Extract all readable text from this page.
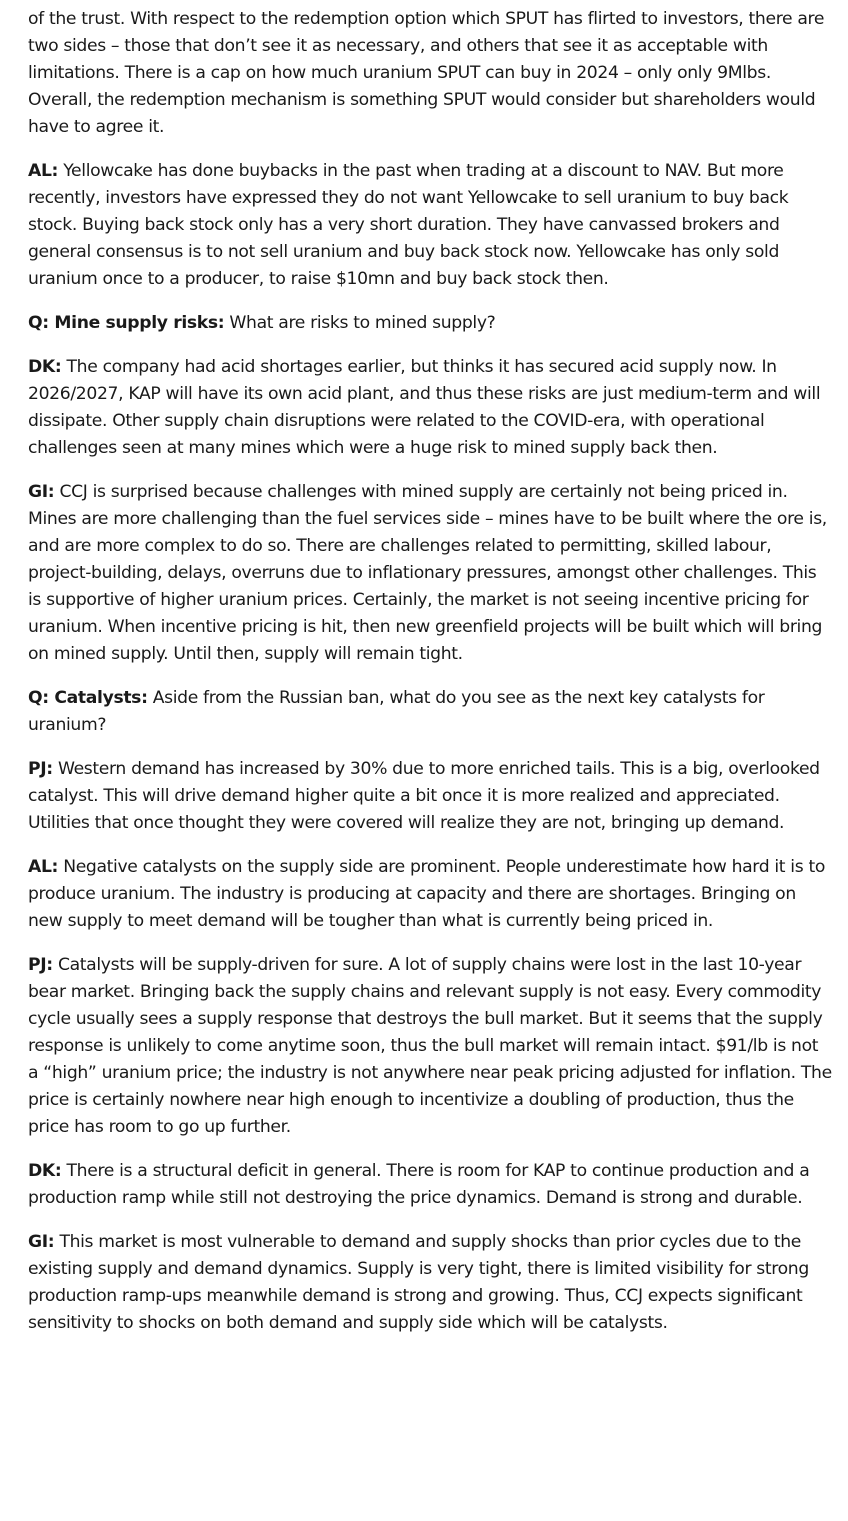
of the trust. With respect to the redemption option which SPUT has flirted to investors, there are two sides – those that don’t see it as necessary, and others that see it as acceptable with limitations. There is a cap on how much uranium SPUT can buy in 2024 – only only 9Mlbs. Overall, the redemption mechanism is something SPUT would consider but shareholders would have to agree it.

AL: Yellowcake has done buybacks in the past when trading at a discount to NAV. But more recently, investors have expressed they do not want Yellowcake to sell uranium to buy back stock. Buying back stock only has a very short duration. They have canvassed brokers and general consensus is to not sell uranium and buy back stock now. Yellowcake has only sold uranium once to a producer, to raise $10mn and buy back stock then.

Q: Mine supply risks: What are risks to mined supply?

DK: The company had acid shortages earlier, but thinks it has secured acid supply now. In 2026/2027, KAP will have its own acid plant, and thus these risks are just medium-term and will dissipate. Other supply chain disruptions were related to the COVID-era, with operational challenges seen at many mines which were a huge risk to mined supply back then.

GI: CCJ is surprised because challenges with mined supply are certainly not being priced in. Mines are more challenging than the fuel services side – mines have to be built where the ore is, and are more complex to do so. There are challenges related to permitting, skilled labour, project-building, delays, overruns due to inflationary pressures, amongst other challenges. This is supportive of higher uranium prices. Certainly, the market is not seeing incentive pricing for uranium. When incentive pricing is hit, then new greenfield projects will be built which will bring on mined supply. Until then, supply will remain tight.

Q: Catalysts: Aside from the Russian ban, what do you see as the next key catalysts for uranium?

PJ: Western demand has increased by 30% due to more enriched tails. This is a big, overlooked catalyst. This will drive demand higher quite a bit once it is more realized and appreciated. Utilities that once thought they were covered will realize they are not, bringing up demand.

AL: Negative catalysts on the supply side are prominent. People underestimate how hard it is to produce uranium. The industry is producing at capacity and there are shortages. Bringing on new supply to meet demand will be tougher than what is currently being priced in.

PJ: Catalysts will be supply-driven for sure. A lot of supply chains were lost in the last 10-year bear market. Bringing back the supply chains and relevant supply is not easy. Every commodity cycle usually sees a supply response that destroys the bull market. But it seems that the supply response is unlikely to come anytime soon, thus the bull market will remain intact. $91/lb is not a “high” uranium price; the industry is not anywhere near peak pricing adjusted for inflation. The price is certainly nowhere near high enough to incentivize a doubling of production, thus the price has room to go up further.

DK: There is a structural deficit in general. There is room for KAP to continue production and a production ramp while still not destroying the price dynamics. Demand is strong and durable.

GI: This market is most vulnerable to demand and supply shocks than prior cycles due to the existing supply and demand dynamics. Supply is very tight, there is limited visibility for strong production ramp-ups meanwhile demand is strong and growing. Thus, CCJ expects significant sensitivity to shocks on both demand and supply side which will be catalysts.
